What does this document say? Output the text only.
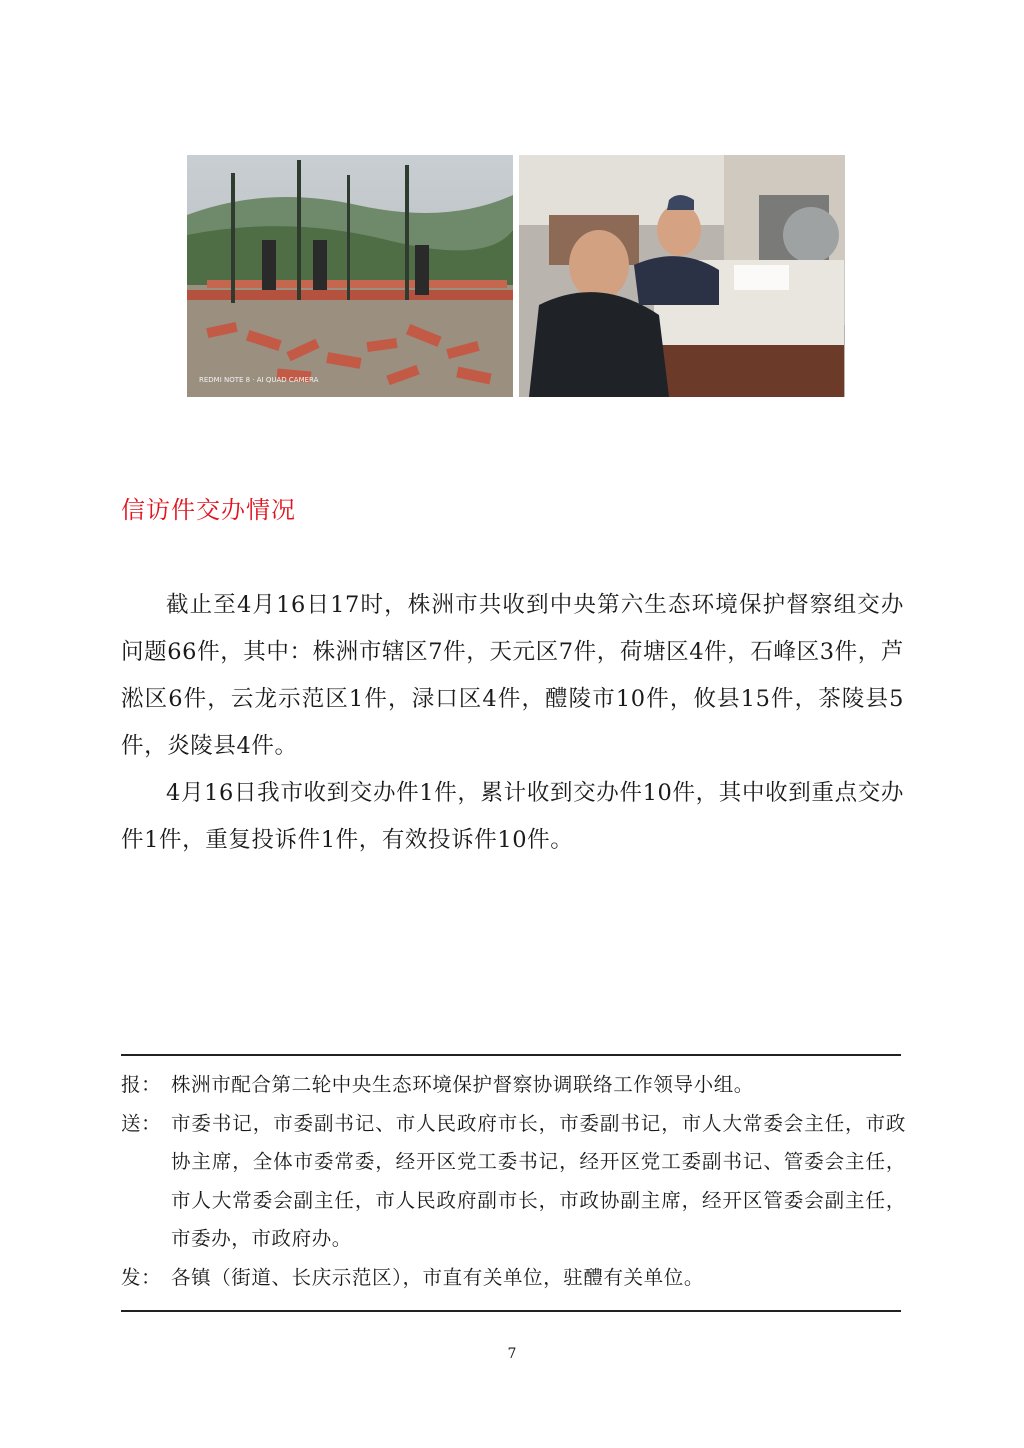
REDMI NOTE 8 · AI QUAD CAMERA
信访件交办情况

截止至4月16日17时，株洲市共收到中央第六生态环境保护督察组交办问题66件，其中：株洲市辖区7件，天元区7件，荷塘区4件，石峰区3件，芦淞区6件，云龙示范区1件，渌口区4件，醴陵市10件，攸县15件，茶陵县5件，炎陵县4件。

4月16日我市收到交办件1件，累计收到交办件10件，其中收到重点交办件1件，重复投诉件1件，有效投诉件10件。

报： 株洲市配合第二轮中央生态环境保护督察协调联络工作领导小组。
送： 市委书记，市委副书记、市人民政府市长，市委副书记，市人大常委会主任，市政协主席，全体市委常委，经开区党工委书记，经开区党工委副书记、管委会主任，市人大常委会副主任，市人民政府副市长，市政协副主席，经开区管委会副主任，市委办，市政府办。
发： 各镇（街道、长庆示范区），市直有关单位，驻醴有关单位。

7
